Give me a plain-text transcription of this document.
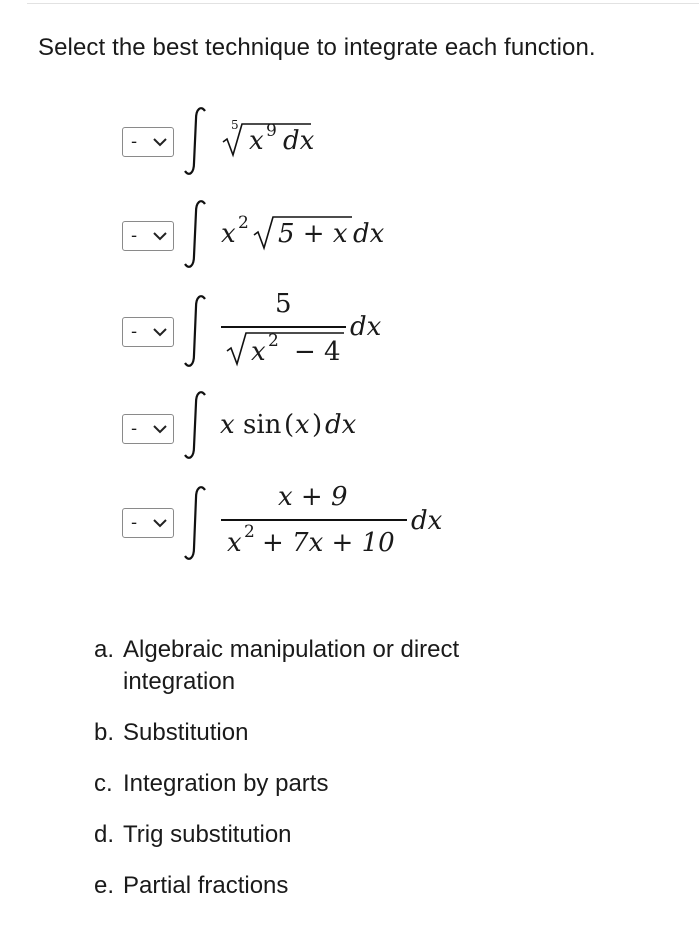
Select the best technique to integrate each function.
-
5
x 9 dx
-	x 2 5 + x dx
-
5
x 2 − 4
dx
-	x sin ( x ) dx
-
x + 9
x 2 + 7x + 10
dx
a. Algebraic manipulation or direct integration
b. Substitution
c. Integration by parts
d. Trig substitution
e. Partial fractions
